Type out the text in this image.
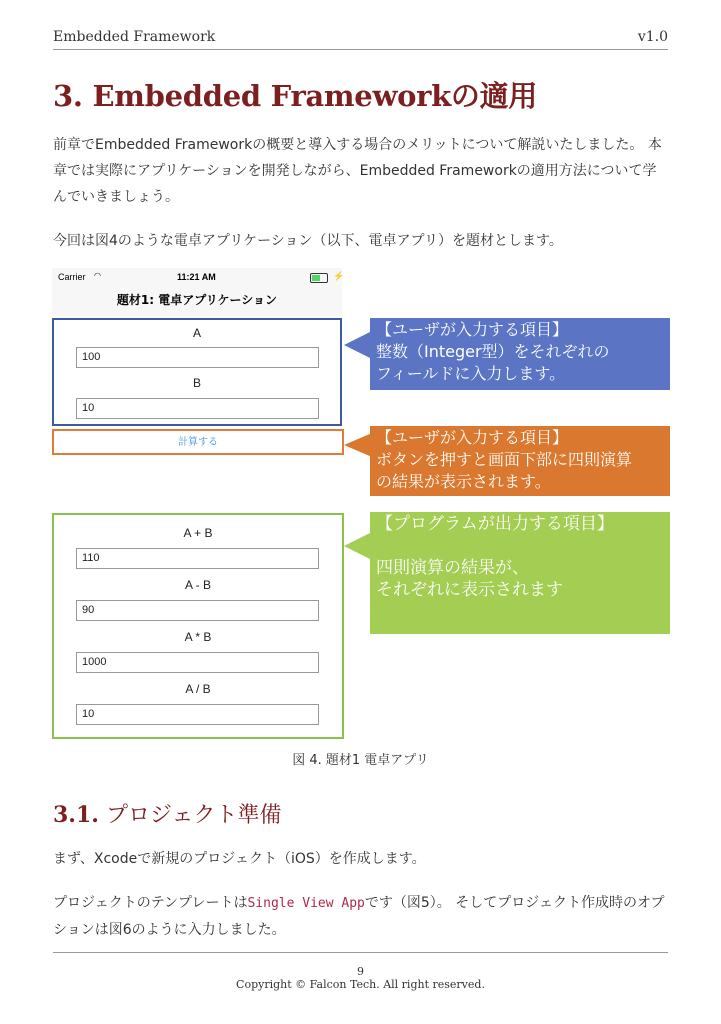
Embedded Framework	v1.0
3. Embedded Frameworkの適用

前章でEmbedded Frameworkの概要と導入する場合のメリットについて解説いたしました。 本章では実際にアプリケーションを開発しながら、Embedded Frameworkの適用方法について学んでいきましょう。

今回は図4のような電卓アプリケーション（以下、電卓アプリ）を題材とします。

Carrier ◠	11:21 AM	⚡
題材1: 電卓アプリケーション
A
100
B
10
計算する
A + B
110
A - B
90
A * B
1000
A / B
10
【ユーザが入力する項目】
整数（Integer型）をそれぞれの
フィールドに入力します。
【ユーザが入力する項目】
ボタンを押すと画面下部に四則演算
の結果が表示されます。
【プログラムが出力する項目】
四則演算の結果が、
それぞれに表示されます
図 4. 題材1 電卓アプリ
3.1. プロジェクト準備

まず、Xcodeで新規のプロジェクト（iOS）を作成します。

プロジェクトのテンプレートはSingle View Appです（図5）。 そしてプロジェクト作成時のオプションは図6のように入力しました。

9
Copyright © Falcon Tech. All right reserved.
